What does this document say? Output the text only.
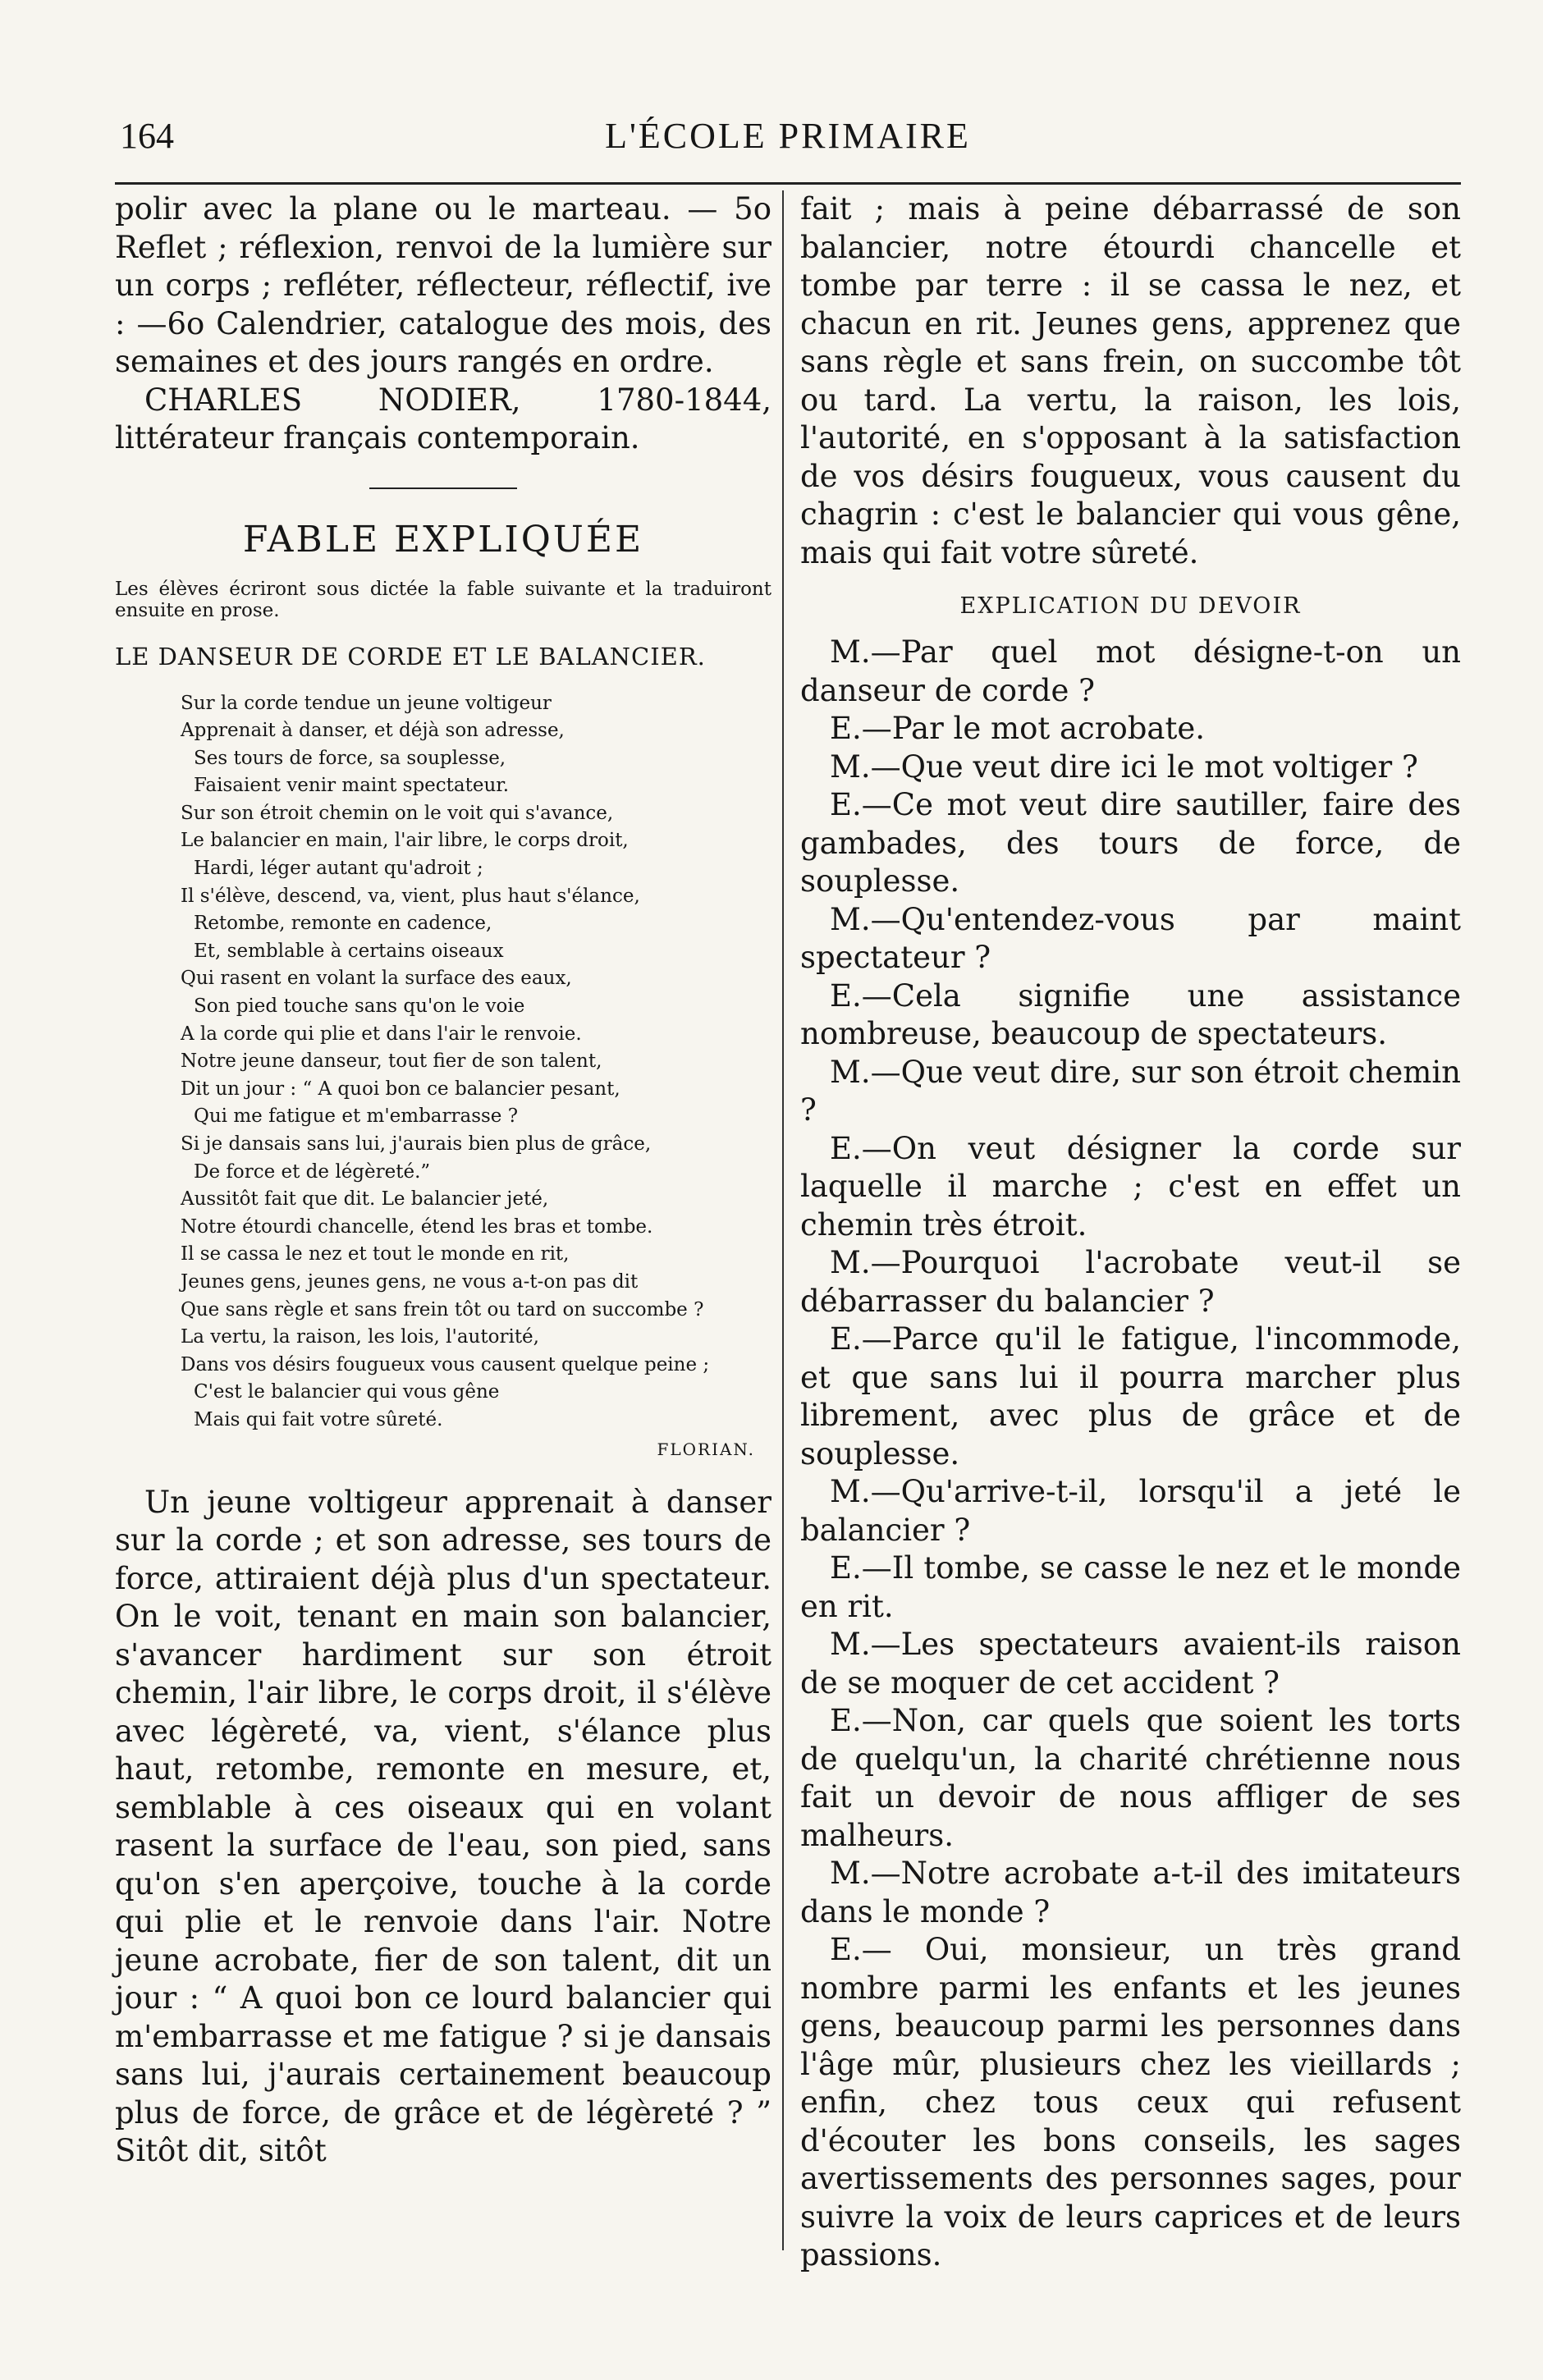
164	L'ÉCOLE PRIMAIRE

polir avec la plane ou le marteau. — 5o Reflet ; réflexion, renvoi de la lumière sur un corps ; refléter, réflecteur, réflectif, ive : —6o Calendrier, catalogue des mois, des semaines et des jours rangés en ordre.

CHARLES NODIER, 1780-1844, littérateur français contemporain.

FABLE EXPLIQUÉE

Les élèves écriront sous dictée la fable suivante et la traduiront ensuite en prose.

LE DANSEUR DE CORDE ET LE BALANCIER.
Sur la corde tendue un jeune voltigeur
Apprenait à danser, et déjà son adresse,
Ses tours de force, sa souplesse,
Faisaient venir maint spectateur.
Sur son étroit chemin on le voit qui s'avance,
Le balancier en main, l'air libre, le corps droit,
Hardi, léger autant qu'adroit ;
Il s'élève, descend, va, vient, plus haut s'élance,
Retombe, remonte en cadence,
Et, semblable à certains oiseaux
Qui rasent en volant la surface des eaux,
Son pied touche sans qu'on le voie
A la corde qui plie et dans l'air le renvoie.
Notre jeune danseur, tout fier de son talent,
Dit un jour : “ A quoi bon ce balancier pesant,
Qui me fatigue et m'embarrasse ?
Si je dansais sans lui, j'aurais bien plus de grâce,
De force et de légèreté.”
Aussitôt fait que dit. Le balancier jeté,
Notre étourdi chancelle, étend les bras et tombe.
Il se cassa le nez et tout le monde en rit,
Jeunes gens, jeunes gens, ne vous a-t-on pas dit
Que sans règle et sans frein tôt ou tard on succombe ?
La vertu, la raison, les lois, l'autorité,
Dans vos désirs fougueux vous causent quelque peine ;
C'est le balancier qui vous gêne
Mais qui fait votre sûreté.
FLORIAN.

Un jeune voltigeur apprenait à danser sur la corde ; et son adresse, ses tours de force, attiraient déjà plus d'un spectateur. On le voit, tenant en main son balancier, s'avancer hardiment sur son étroit chemin, l'air libre, le corps droit, il s'élève avec légèreté, va, vient, s'élance plus haut, retombe, remonte en mesure, et, semblable à ces oiseaux qui en volant rasent la surface de l'eau, son pied, sans qu'on s'en aperçoive, touche à la corde qui plie et le renvoie dans l'air. Notre jeune acrobate, fier de son talent, dit un jour : “ A quoi bon ce lourd balancier qui m'embarrasse et me fatigue ? si je dansais sans lui, j'aurais certainement beaucoup plus de force, de grâce et de légèreté ? ” Sitôt dit, sitôt

fait ; mais à peine débarrassé de son balancier, notre étourdi chancelle et tombe par terre : il se cassa le nez, et chacun en rit. Jeunes gens, apprenez que sans règle et sans frein, on succombe tôt ou tard. La vertu, la raison, les lois, l'autorité, en s'opposant à la satisfaction de vos désirs fougueux, vous causent du chagrin : c'est le balancier qui vous gêne, mais qui fait votre sûreté.

EXPLICATION DU DEVOIR

M.—Par quel mot désigne-t-on un danseur de corde ?

E.—Par le mot acrobate.

M.—Que veut dire ici le mot voltiger ?

E.—Ce mot veut dire sautiller, faire des gambades, des tours de force, de souplesse.

M.—Qu'entendez-vous par maint spectateur ?

E.—Cela signifie une assistance nombreuse, beaucoup de spectateurs.

M.—Que veut dire, sur son étroit chemin ?

E.—On veut désigner la corde sur laquelle il marche ; c'est en effet un chemin très étroit.

M.—Pourquoi l'acrobate veut-il se débarrasser du balancier ?

E.—Parce qu'il le fatigue, l'incommode, et que sans lui il pourra marcher plus librement, avec plus de grâce et de souplesse.

M.—Qu'arrive-t-il, lorsqu'il a jeté le balancier ?

E.—Il tombe, se casse le nez et le monde en rit.

M.—Les spectateurs avaient-ils raison de se moquer de cet accident ?

E.—Non, car quels que soient les torts de quelqu'un, la charité chrétienne nous fait un devoir de nous affliger de ses malheurs.

M.—Notre acrobate a-t-il des imitateurs dans le monde ?

E.— Oui, monsieur, un très grand nombre parmi les enfants et les jeunes gens, beaucoup parmi les personnes dans l'âge mûr, plusieurs chez les vieillards ; enfin, chez tous ceux qui refusent d'écouter les bons conseils, les sages avertissements des personnes sages, pour suivre la voix de leurs caprices et de leurs passions.
